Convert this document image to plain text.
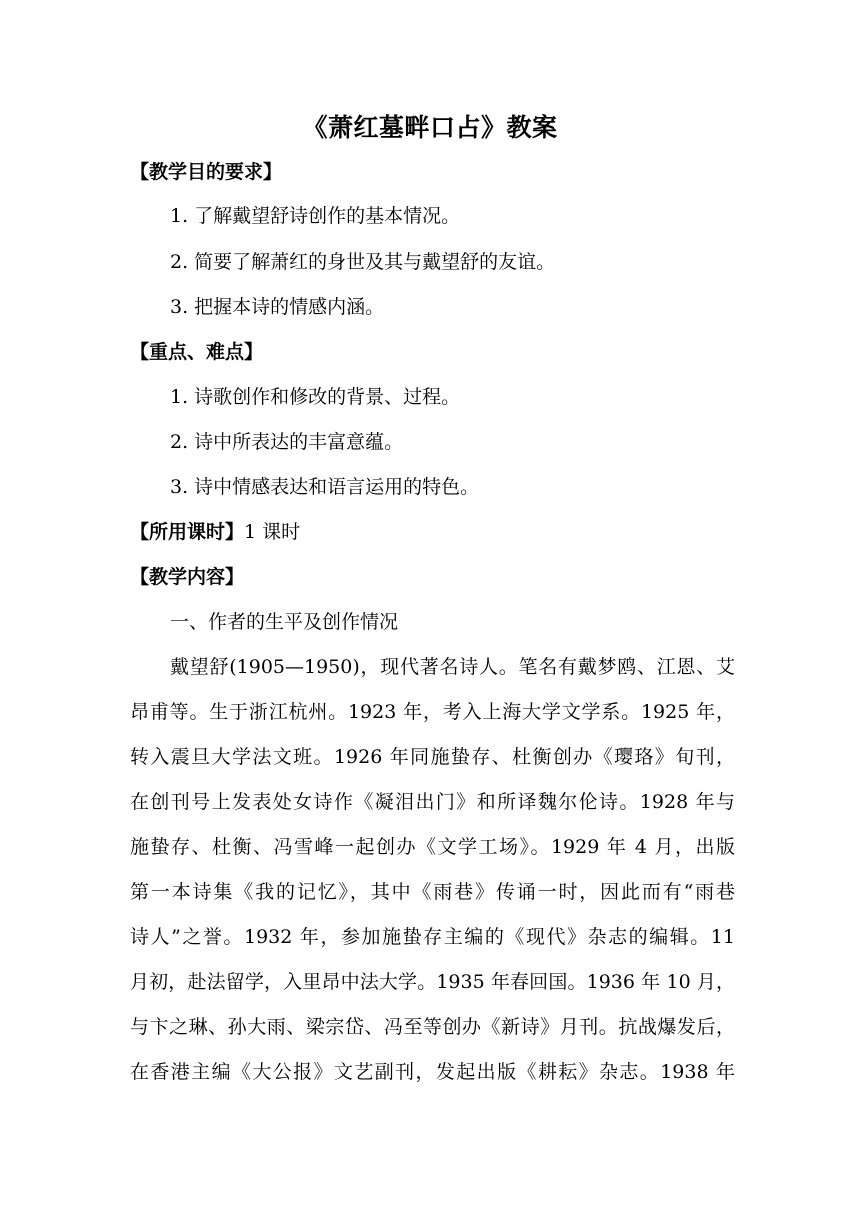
《萧红墓畔口占》教案
【教学目的要求】
1. 了解戴望舒诗创作的基本情况。
2. 简要了解萧红的身世及其与戴望舒的友谊。
3. 把握本诗的情感内涵。
【重点、难点】
1. 诗歌创作和修改的背景、过程。
2. 诗中所表达的丰富意蕴。
3. 诗中情感表达和语言运用的特色。
【所用课时】1 课时
【教学内容】
一、作者的生平及创作情况
戴望舒(1905—1950)，现代著名诗人。笔名有戴梦鸥、江恩、艾
昂甫等。生于浙江杭州。1923 年，考入上海大学文学系。1925 年，
转入震旦大学法文班。1926 年同施蛰存、杜衡创办《璎珞》旬刊，
在创刊号上发表处女诗作《凝泪出门》和所译魏尔伦诗。1928 年与
施蛰存、杜衡、冯雪峰一起创办《文学工场》。1929 年 4 月，出版
第一本诗集《我的记忆》，其中《雨巷》传诵一时，因此而有“雨巷
诗人”之誉。1932 年，参加施蛰存主编的《现代》杂志的编辑。11
月初，赴法留学，入里昂中法大学。1935 年春回国。1936 年 10 月，
与卞之琳、孙大雨、梁宗岱、冯至等创办《新诗》月刊。抗战爆发后，
在香港主编《大公报》文艺副刊，发起出版《耕耘》杂志。1938 年
